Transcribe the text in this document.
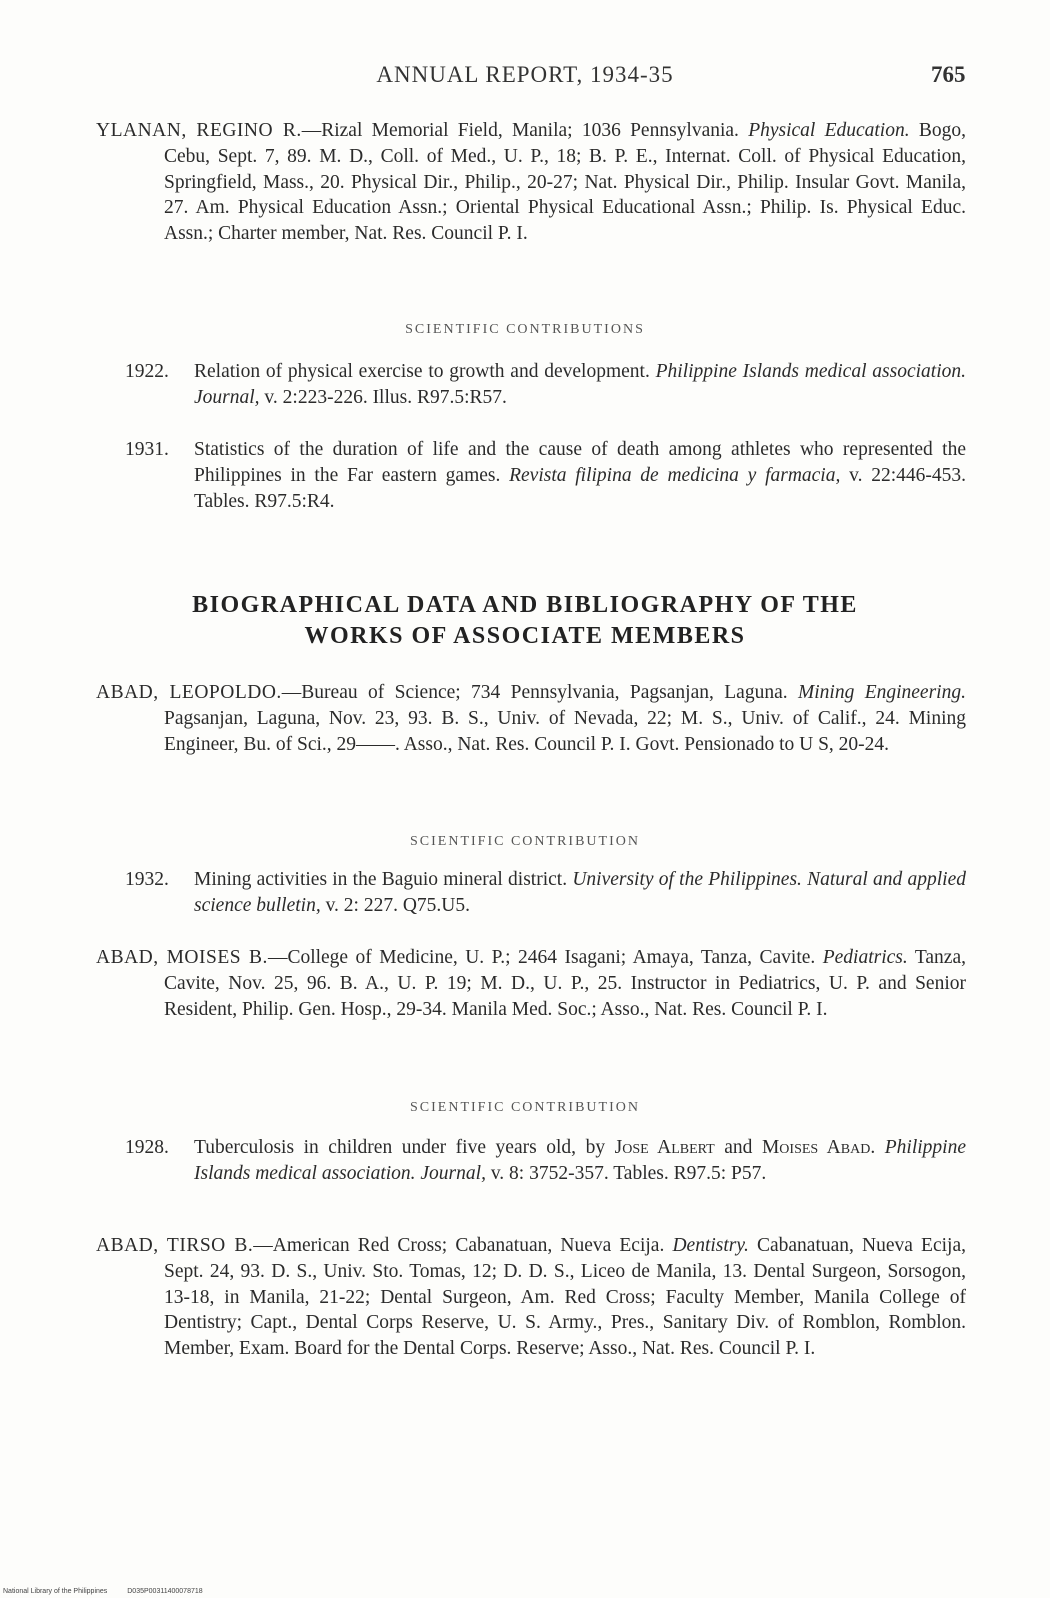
ANNUAL REPORT, 1934-35	765

YLANAN, REGINO R.—Rizal Memorial Field, Manila; 1036 Pennsylvania. Physical Education. Bogo, Cebu, Sept. 7, 89. M. D., Coll. of Med., U. P., 18; B. P. E., Internat. Coll. of Physical Education, Springfield, Mass., 20. Physical Dir., Philip., 20-27; Nat. Physical Dir., Philip. Insular Govt. Manila, 27. Am. Physical Education Assn.; Oriental Physical Educational Assn.; Philip. Is. Physical Educ. Assn.; Charter member, Nat. Res. Council P. I.

SCIENTIFIC CONTRIBUTIONS

1922. Relation of physical exercise to growth and development. Philippine Islands medical association. Journal, v. 2:223-226. Illus. R97.5:R57.

1931. Statistics of the duration of life and the cause of death among athletes who represented the Philippines in the Far eastern games. Revista filipina de medicina y farmacia, v. 22:446-453. Tables. R97.5:R4.

BIOGRAPHICAL DATA AND BIBLIOGRAPHY OF THE
WORKS OF ASSOCIATE MEMBERS

ABAD, LEOPOLDO.—Bureau of Science; 734 Pennsylvania, Pagsanjan, Laguna. Mining Engineering. Pagsanjan, Laguna, Nov. 23, 93. B. S., Univ. of Nevada, 22; M. S., Univ. of Calif., 24. Mining Engineer, Bu. of Sci., 29——. Asso., Nat. Res. Council P. I. Govt. Pensionado to U S, 20-24.

SCIENTIFIC CONTRIBUTION

1932. Mining activities in the Baguio mineral district. University of the Philippines. Natural and applied science bulletin, v. 2: 227. Q75.U5.

ABAD, MOISES B.—College of Medicine, U. P.; 2464 Isagani; Amaya, Tanza, Cavite. Pediatrics. Tanza, Cavite, Nov. 25, 96. B. A., U. P. 19; M. D., U. P., 25. Instructor in Pediatrics, U. P. and Senior Resident, Philip. Gen. Hosp., 29-34. Manila Med. Soc.; Asso., Nat. Res. Council P. I.

SCIENTIFIC CONTRIBUTION

1928. Tuberculosis in children under five years old, by Jose Albert and Moises Abad. Philippine Islands medical association. Journal, v. 8: 3752-357. Tables. R97.5: P57.

ABAD, TIRSO B.—American Red Cross; Cabanatuan, Nueva Ecija. Dentistry. Cabanatuan, Nueva Ecija, Sept. 24, 93. D. S., Univ. Sto. Tomas, 12; D. D. S., Liceo de Manila, 13. Dental Surgeon, Sorsogon, 13-18, in Manila, 21-22; Dental Surgeon, Am. Red Cross; Faculty Member, Manila College of Dentistry; Capt., Dental Corps Reserve, U. S. Army., Pres., Sanitary Div. of Romblon, Romblon. Member, Exam. Board for the Dental Corps. Reserve; Asso., Nat. Res. Council P. I.

National Library of the Philippines	D035P00311400078718
